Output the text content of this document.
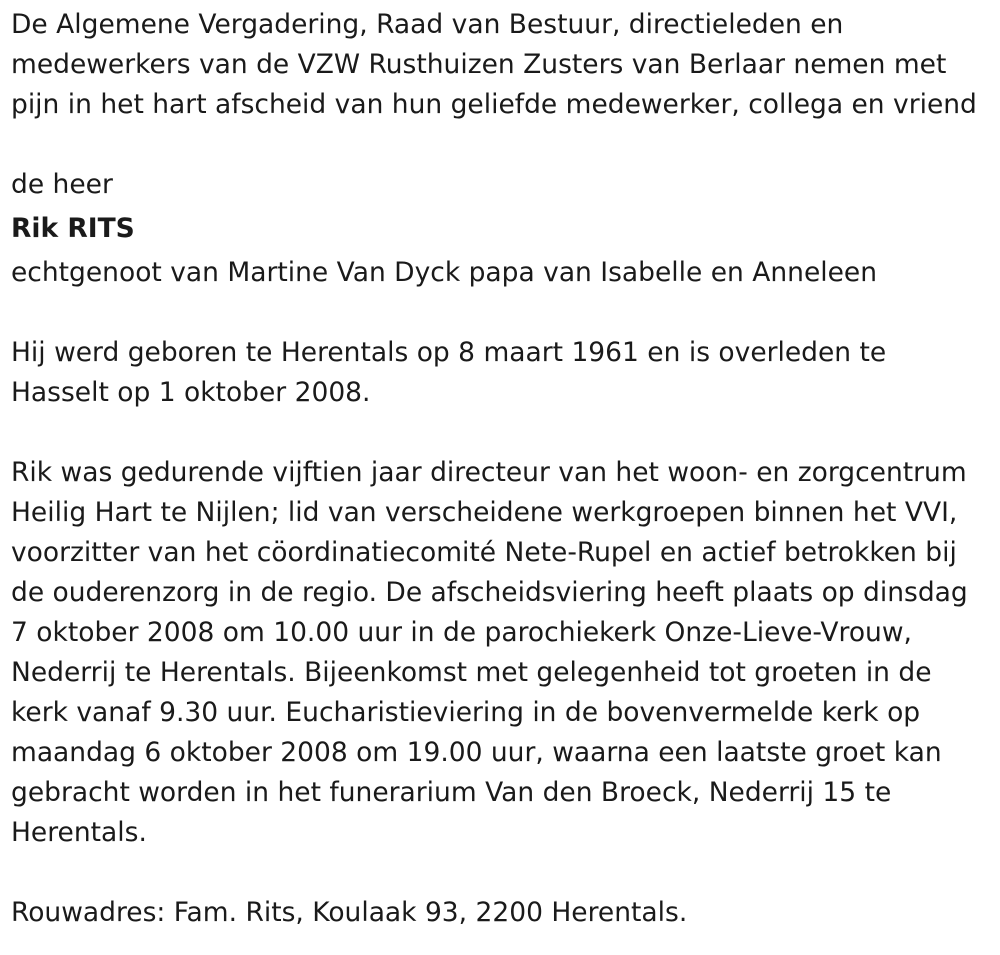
De Algemene Vergadering, Raad van Bestuur, directieleden en
medewerkers van de VZW Rusthuizen Zusters van Berlaar nemen met
pijn in het hart afscheid van hun geliefde medewerker, collega en vriend
de heer
Rik RITS
echtgenoot van Martine Van Dyck papa van Isabelle en Anneleen
Hij werd geboren te Herentals op 8 maart 1961 en is overleden te
Hasselt op 1 oktober 2008.
Rik was gedurende vijftien jaar directeur van het woon- en zorgcentrum
Heilig Hart te Nijlen; lid van verscheidene werkgroepen binnen het VVI,
voorzitter van het cöordinatiecomité Nete-Rupel en actief betrokken bij
de ouderenzorg in de regio. De afscheidsviering heeft plaats op dinsdag
7 oktober 2008 om 10.00 uur in de parochiekerk Onze-Lieve-Vrouw,
Nederrij te Herentals. Bijeenkomst met gelegenheid tot groeten in de
kerk vanaf 9.30 uur. Eucharistieviering in de bovenvermelde kerk op
maandag 6 oktober 2008 om 19.00 uur, waarna een laatste groet kan
gebracht worden in het funerarium Van den Broeck, Nederrij 15 te
Herentals.
Rouwadres: Fam. Rits, Koulaak 93, 2200 Herentals.
